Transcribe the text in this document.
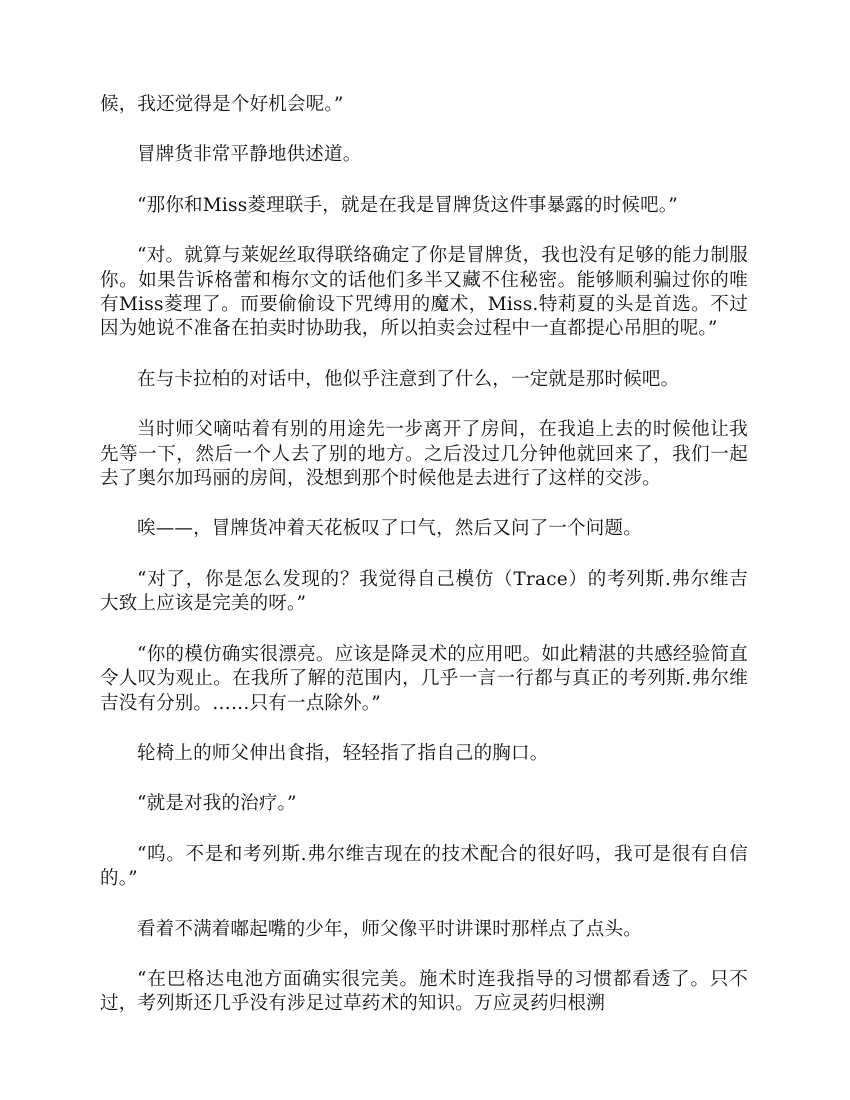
候，我还觉得是个好机会呢。”

冒牌货非常平静地供述道。

“那你和Miss菱理联手，就是在我是冒牌货这件事暴露的时候吧。”

“对。就算与莱妮丝取得联络确定了你是冒牌货，我也没有足够的能力制服你。如果告诉格蕾和梅尔文的话他们多半又藏不住秘密。能够顺利骗过你的唯有Miss菱理了。而要偷偷设下咒缚用的魔术，Miss.特莉夏的头是首选。不过因为她说不准备在拍卖时协助我，所以拍卖会过程中一直都提心吊胆的呢。”

在与卡拉柏的对话中，他似乎注意到了什么，一定就是那时候吧。

当时师父嘀咕着有别的用途先一步离开了房间，在我追上去的时候他让我先等一下，然后一个人去了别的地方。之后没过几分钟他就回来了，我们一起去了奥尔加玛丽的房间，没想到那个时候他是去进行了这样的交涉。

唉——，冒牌货冲着天花板叹了口气，然后又问了一个问题。

“对了，你是怎么发现的？我觉得自己模仿（Trace）的考列斯.弗尔维吉大致上应该是完美的呀。”

“你的模仿确实很漂亮。应该是降灵术的应用吧。如此精湛的共感经验简直令人叹为观止。在我所了解的范围内，几乎一言一行都与真正的考列斯.弗尔维吉没有分别。……只有一点除外。”

轮椅上的师父伸出食指，轻轻指了指自己的胸口。

“就是对我的治疗。”

“呜。不是和考列斯.弗尔维吉现在的技术配合的很好吗，我可是很有自信的。”

看着不满着嘟起嘴的少年，师父像平时讲课时那样点了点头。

“在巴格达电池方面确实很完美。施术时连我指导的习惯都看透了。只不过，考列斯还几乎没有涉足过草药术的知识。万应灵药归根溯
